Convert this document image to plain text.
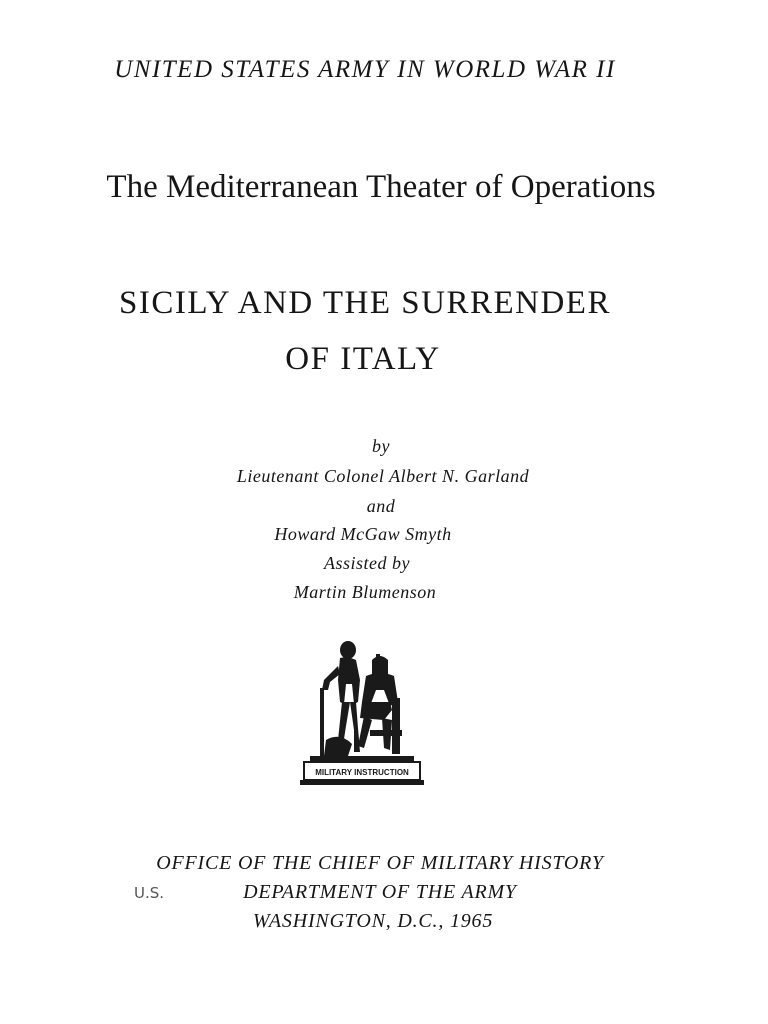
UNITED STATES ARMY IN WORLD WAR II
The Mediterranean Theater of Operations
SICILY AND THE SURRENDER
OF ITALY
by
Lieutenant Colonel Albert N. Garland
and
Howard McGaw Smyth
Assisted by
Martin Blumenson
MILITARY INSTRUCTION
OFFICE OF THE CHIEF OF MILITARY HISTORY
DEPARTMENT OF THE ARMY
WASHINGTON, D.C., 1965
U.S.
